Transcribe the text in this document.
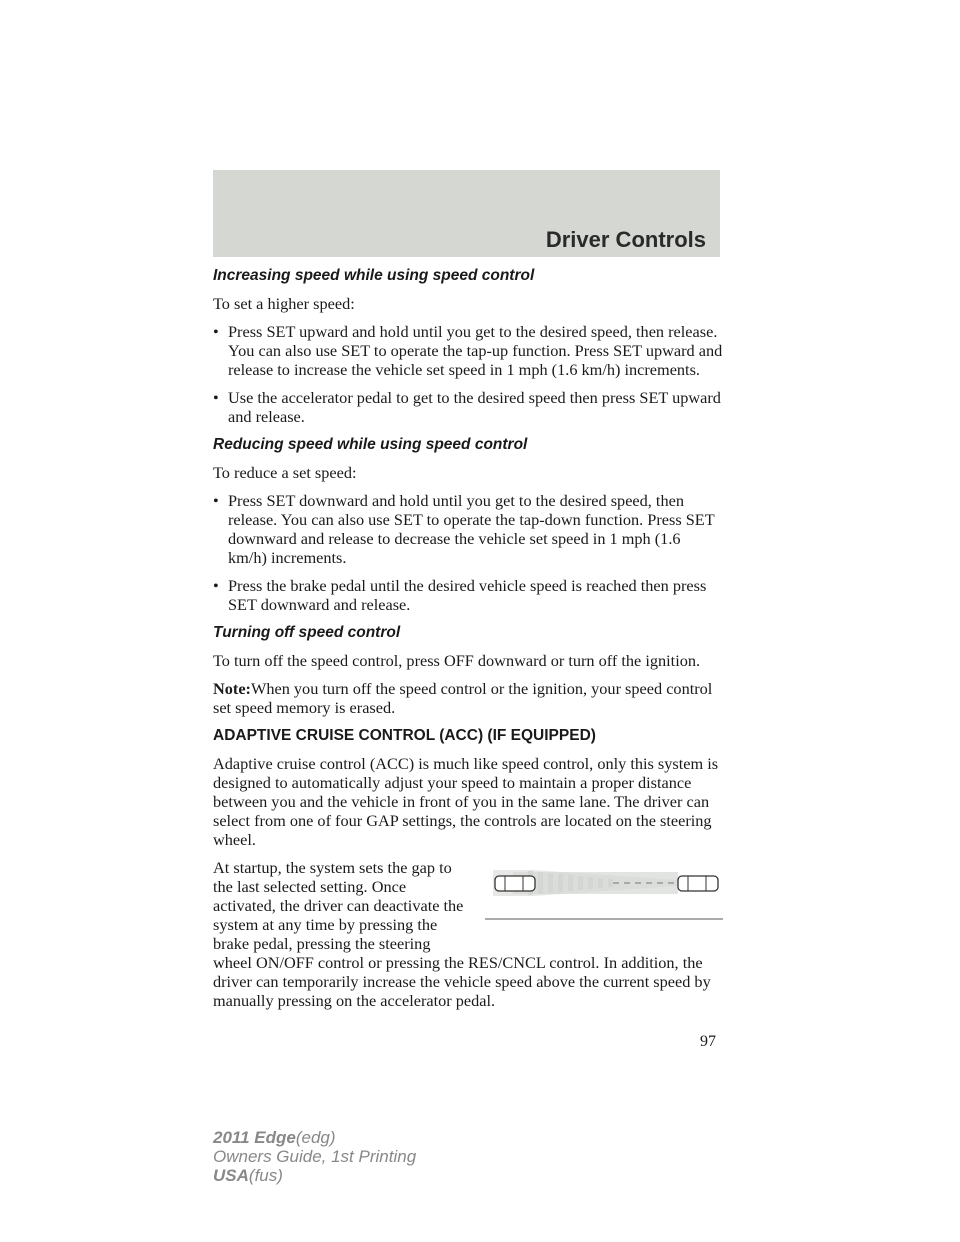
Driver Controls
Increasing speed while using speed control

To set a higher speed:

• Press SET upward and hold until you get to the desired speed, then release. You can also use SET to operate the tap-up function. Press SET upward and release to increase the vehicle set speed in 1 mph (1.6 km/h) increments.
• Use the accelerator pedal to get to the desired speed then press SET upward and release.
Reducing speed while using speed control

To reduce a set speed:

• Press SET downward and hold until you get to the desired speed, then release. You can also use SET to operate the tap-down function. Press SET downward and release to decrease the vehicle set speed in 1 mph (1.6 km/h) increments.
• Press the brake pedal until the desired vehicle speed is reached then press SET downward and release.
Turning off speed control

To turn off the speed control, press OFF downward or turn off the ignition.

Note:When you turn off the speed control or the ignition, your speed control set speed memory is erased.

ADAPTIVE CRUISE CONTROL (ACC) (IF EQUIPPED)

Adaptive cruise control (ACC) is much like speed control, only this system is designed to automatically adjust your speed to maintain a proper distance between you and the vehicle in front of you in the same lane. The driver can select from one of four GAP settings, the controls are located on the steering wheel.

At startup, the system sets the gap to the last selected setting. Once activated, the driver can deactivate the system at any time by pressing the brake pedal, pressing the steering wheel ON/OFF control or pressing the RES/CNCL control. In addition, the driver can temporarily increase the vehicle speed above the current speed by manually pressing on the accelerator pedal.

97
2011 Edge(edg)
Owners Guide, 1st Printing
USA(fus)
